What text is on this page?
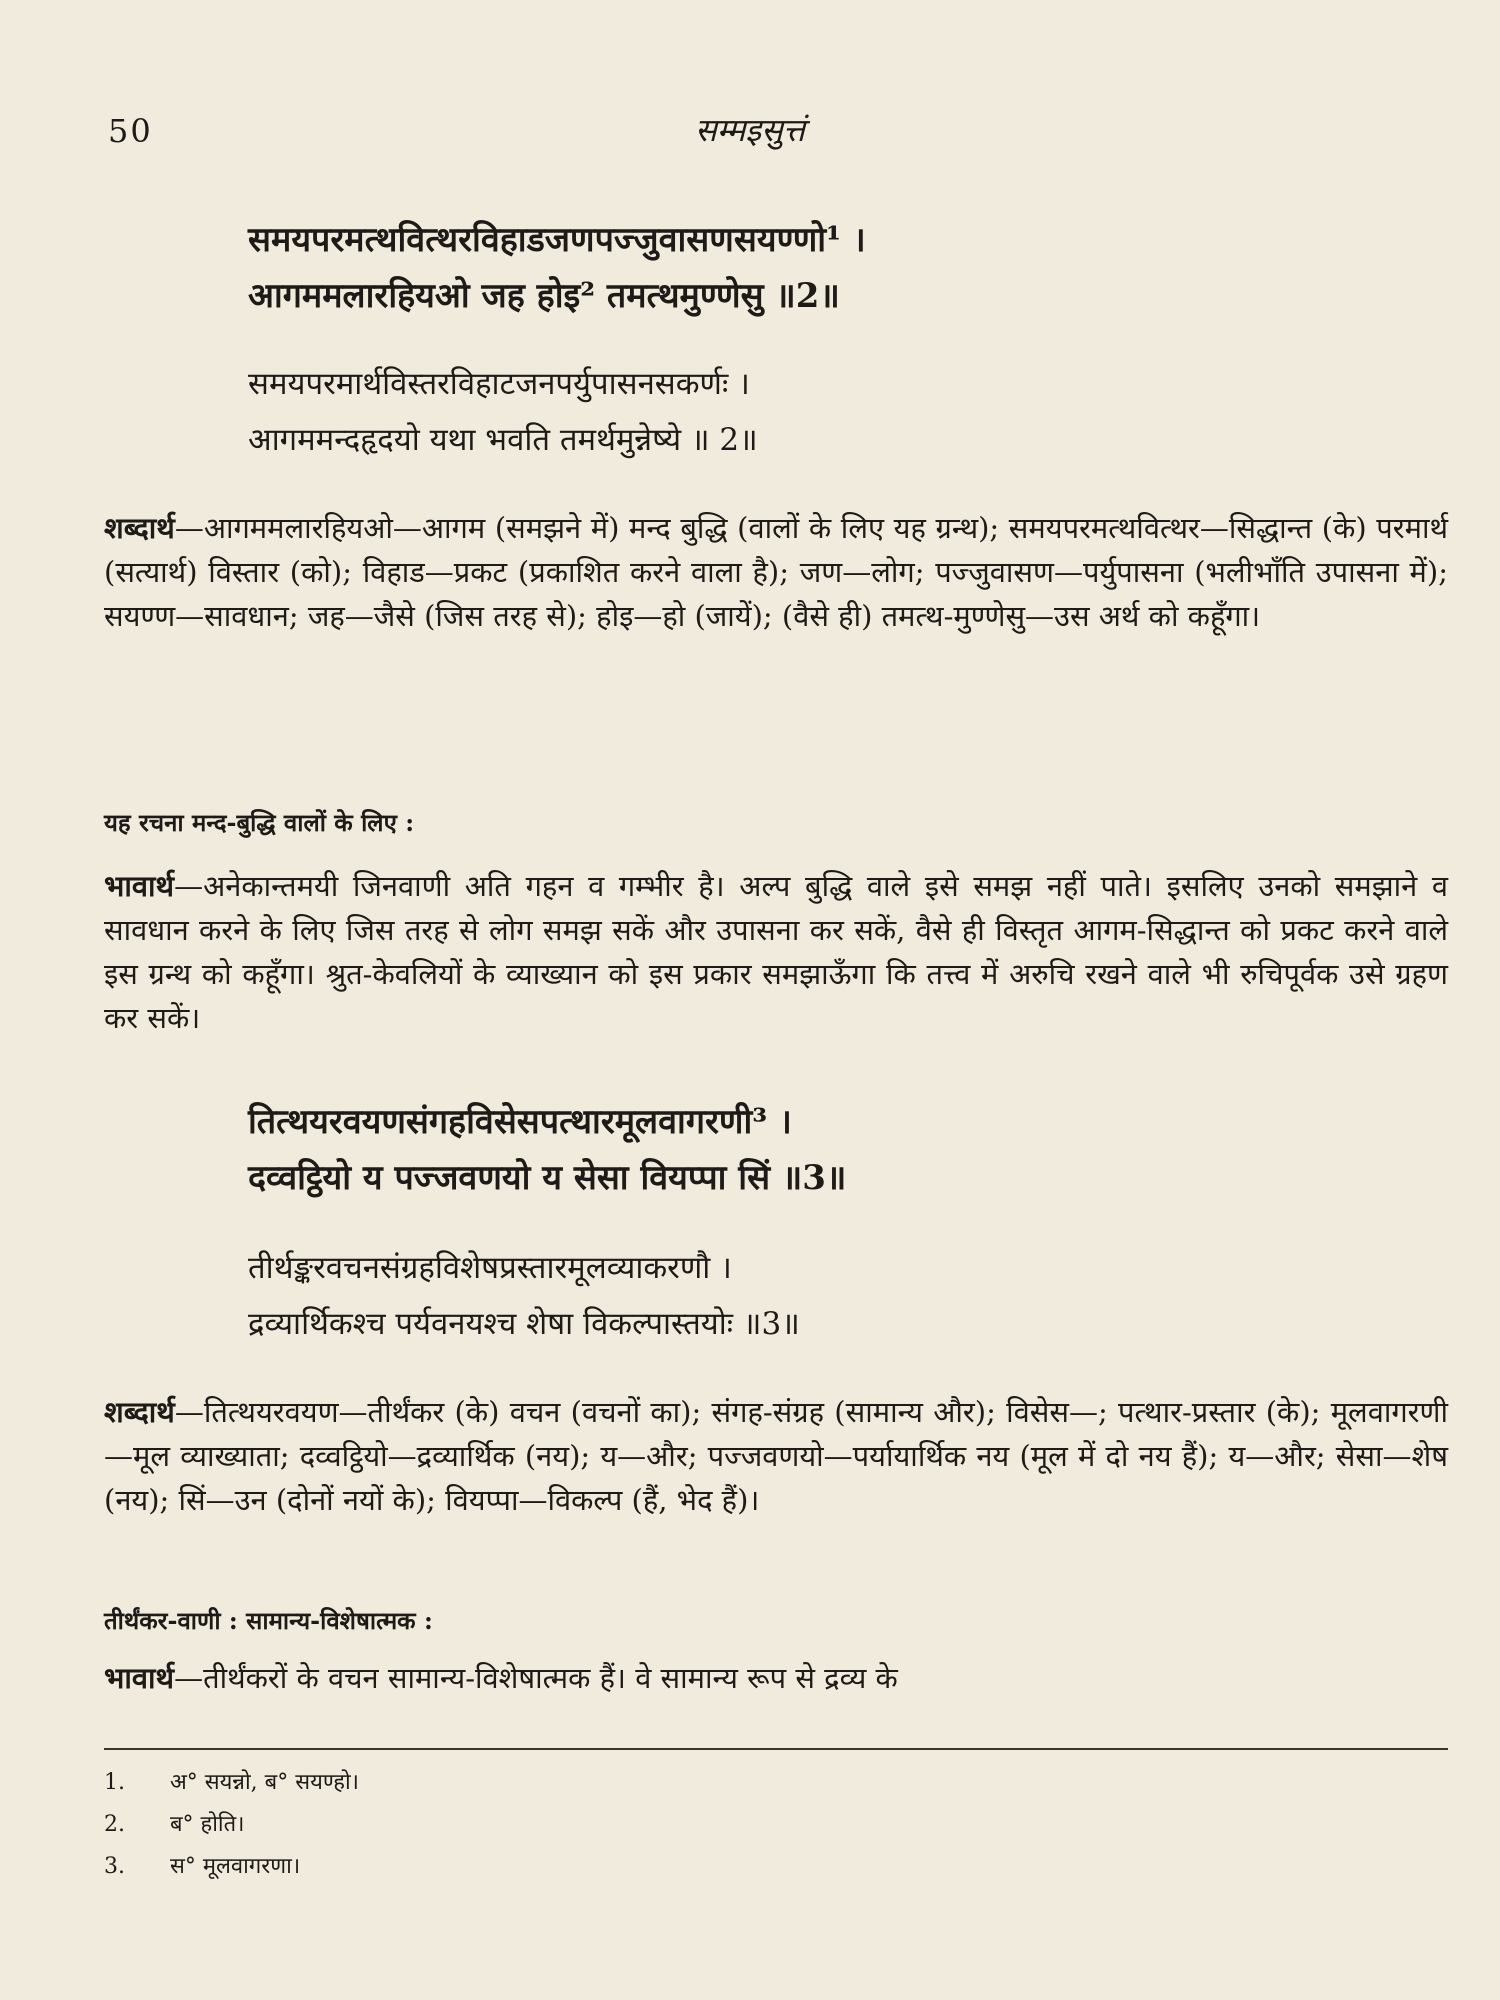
50	सम्मइसुत्तं
समयपरमत्थवित्थरविहाडजणपज्जुवासणसयण्णो¹ ।
आगममलारहियओ जह होइ² तमत्थमुण्णेसु ॥2॥
समयपरमार्थविस्तरविहाटजनपर्युपासनसकर्णः ।
आगममन्दहृदयो यथा भवति तमर्थमुन्नेष्ये ॥ 2॥
शब्दार्थ—आगममलारहियओ—आगम (समझने में) मन्द बुद्धि (वालों के लिए यह ग्रन्थ); समयपरमत्थवित्थर—सिद्धान्त (के) परमार्थ (सत्यार्थ) विस्तार (को); विहाड—प्रकट (प्रकाशित करने वाला है); जण—लोग; पज्जुवासण—पर्युपासना (भलीभाँति उपासना में); सयण्ण—सावधान; जह—जैसे (जिस तरह से); होइ—हो (जायें); (वैसे ही) तमत्थ-मुण्णेसु—उस अर्थ को कहूँगा।
यह रचना मन्द-बुद्धि वालों के लिए :
भावार्थ—अनेकान्तमयी जिनवाणी अति गहन व गम्भीर है। अल्प बुद्धि वाले इसे समझ नहीं पाते। इसलिए उनको समझाने व सावधान करने के लिए जिस तरह से लोग समझ सकें और उपासना कर सकें, वैसे ही विस्तृत आगम-सिद्धान्त को प्रकट करने वाले इस ग्रन्थ को कहूँगा। श्रुत-केवलियों के व्याख्यान को इस प्रकार समझाऊँगा कि तत्त्व में अरुचि रखने वाले भी रुचिपूर्वक उसे ग्रहण कर सकें।
तित्थयरवयणसंगहविसेसपत्थारमूलवागरणी³ ।
दव्वट्ठियो य पज्जवणयो य सेसा वियप्पा सिं ॥3॥
तीर्थङ्करवचनसंग्रहविशेषप्रस्तारमूलव्याकरणौ ।
द्रव्यार्थिकश्च पर्यवनयश्च शेषा विकल्पास्तयोः ॥3॥
शब्दार्थ—तित्थयरवयण—तीर्थंकर (के) वचन (वचनों का); संगह-संग्रह (सामान्य और); विसेस—; पत्थार-प्रस्तार (के); मूलवागरणी—मूल व्याख्याता; दव्वट्ठियो—द्रव्यार्थिक (नय); य—और; पज्जवणयो—पर्यायार्थिक नय (मूल में दो नय हैं); य—और; सेसा—शेष (नय); सिं—उन (दोनों नयों के); वियप्पा—विकल्प (हैं, भेद हैं)।
तीर्थंकर-वाणी : सामान्य-विशेषात्मक :
भावार्थ—तीर्थंकरों के वचन सामान्य-विशेषात्मक हैं। वे सामान्य रूप से द्रव्य के
1. अ° सयन्नो, ब° सयण्हो।
2. ब° होति।
3. स° मूलवागरणा।
